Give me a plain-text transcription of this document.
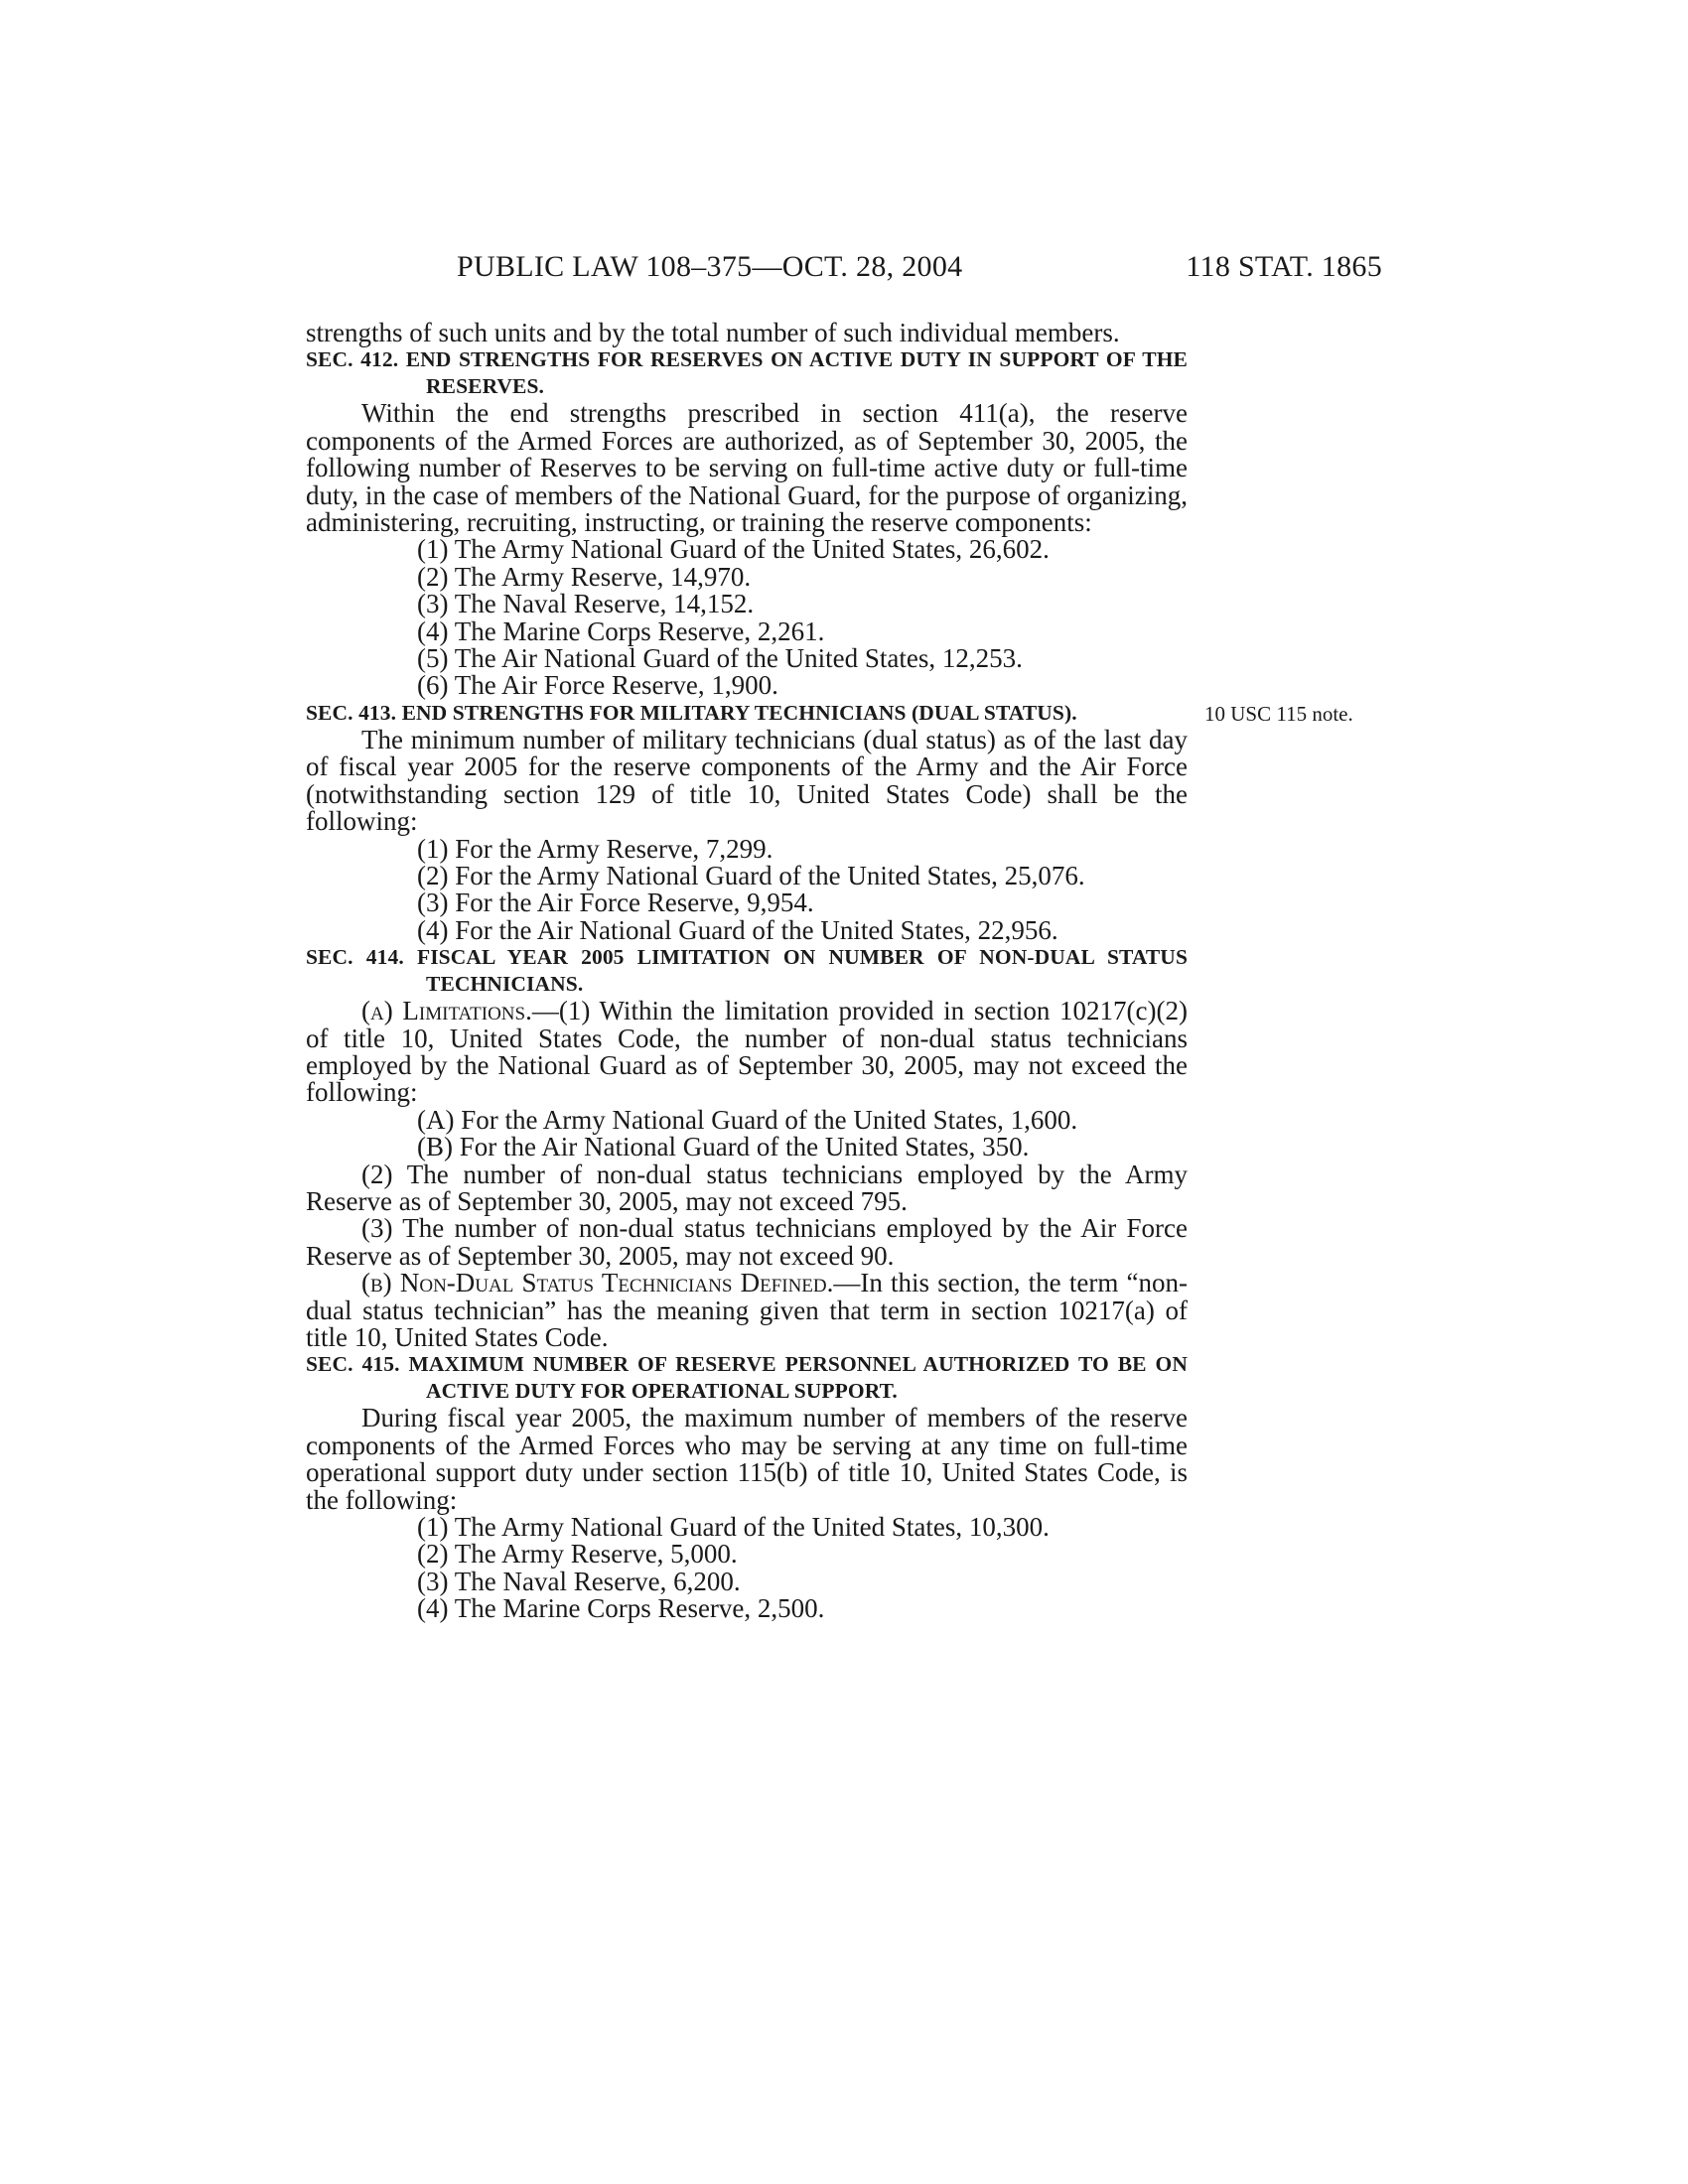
PUBLIC LAW 108–375—OCT. 28, 2004	118 STAT. 1865
10 USC 115 note.

strengths of such units and by the total number of such individual members.

SEC. 412. END STRENGTHS FOR RESERVES ON ACTIVE DUTY IN SUPPORT OF THE RESERVES.

Within the end strengths prescribed in section 411(a), the reserve components of the Armed Forces are authorized, as of September 30, 2005, the following number of Reserves to be serving on full-time active duty or full-time duty, in the case of members of the National Guard, for the purpose of organizing, administering, recruiting, instructing, or training the reserve components:

(1) The Army National Guard of the United States, 26,602.

(2) The Army Reserve, 14,970.

(3) The Naval Reserve, 14,152.

(4) The Marine Corps Reserve, 2,261.

(5) The Air National Guard of the United States, 12,253.

(6) The Air Force Reserve, 1,900.

SEC. 413. END STRENGTHS FOR MILITARY TECHNICIANS (DUAL STATUS).

The minimum number of military technicians (dual status) as of the last day of fiscal year 2005 for the reserve components of the Army and the Air Force (notwithstanding section 129 of title 10, United States Code) shall be the following:

(1) For the Army Reserve, 7,299.

(2) For the Army National Guard of the United States, 25,076.

(3) For the Air Force Reserve, 9,954.

(4) For the Air National Guard of the United States, 22,956.

SEC. 414. FISCAL YEAR 2005 LIMITATION ON NUMBER OF NON-DUAL STATUS TECHNICIANS.

(a) Limitations.—(1) Within the limitation provided in section 10217(c)(2) of title 10, United States Code, the number of non-dual status technicians employed by the National Guard as of September 30, 2005, may not exceed the following:

(A) For the Army National Guard of the United States, 1,600.

(B) For the Air National Guard of the United States, 350.

(2) The number of non-dual status technicians employed by the Army Reserve as of September 30, 2005, may not exceed 795.

(3) The number of non-dual status technicians employed by the Air Force Reserve as of September 30, 2005, may not exceed 90.

(b) Non-Dual Status Technicians Defined.—In this section, the term “non-dual status technician” has the meaning given that term in section 10217(a) of title 10, United States Code.

SEC. 415. MAXIMUM NUMBER OF RESERVE PERSONNEL AUTHORIZED TO BE ON ACTIVE DUTY FOR OPERATIONAL SUPPORT.

During fiscal year 2005, the maximum number of members of the reserve components of the Armed Forces who may be serving at any time on full-time operational support duty under section 115(b) of title 10, United States Code, is the following:

(1) The Army National Guard of the United States, 10,300.

(2) The Army Reserve, 5,000.

(3) The Naval Reserve, 6,200.

(4) The Marine Corps Reserve, 2,500.
